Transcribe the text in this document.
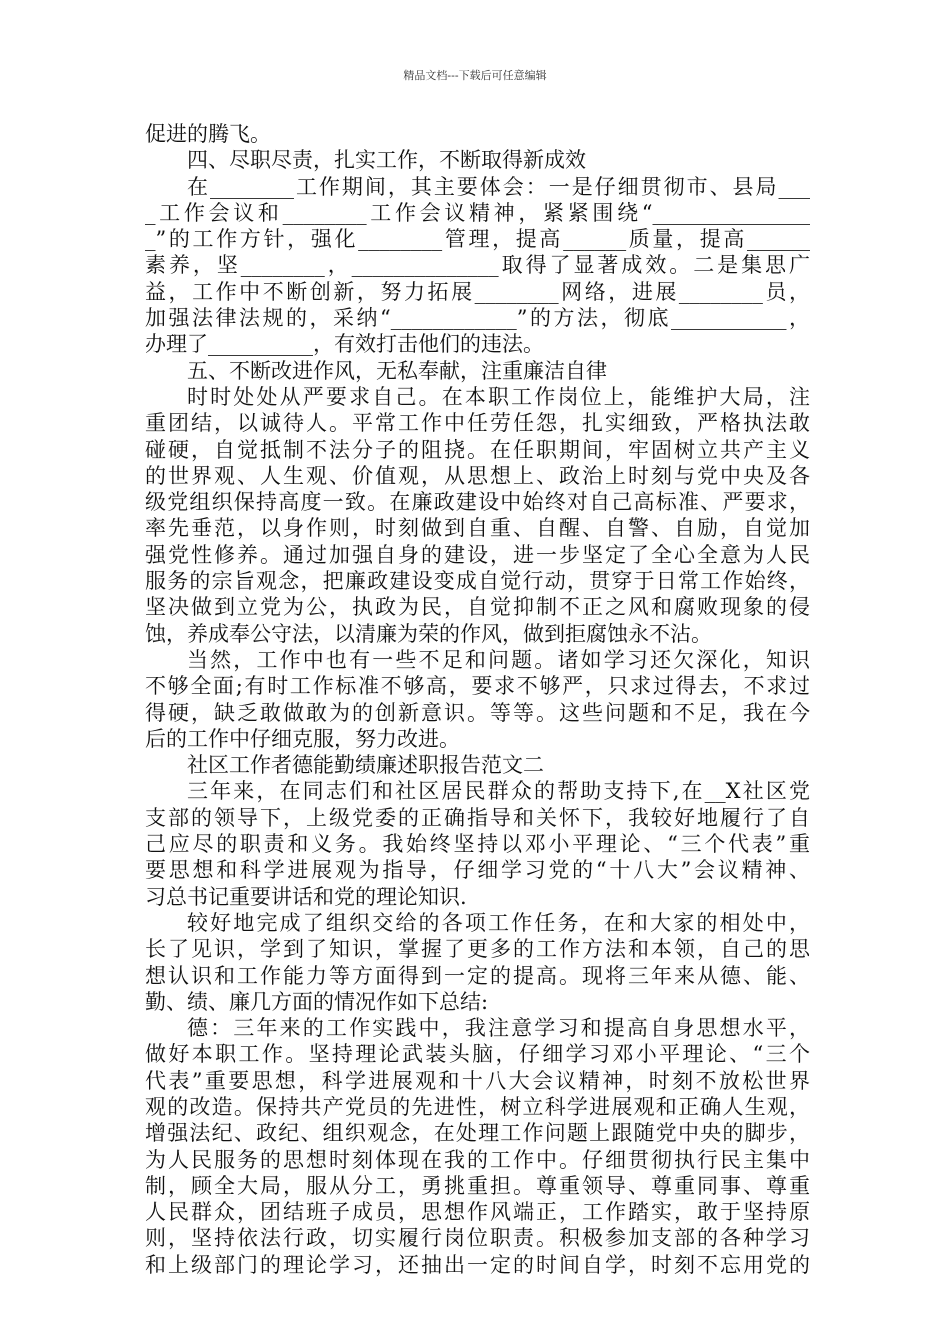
精品文档---下载后可任意编辑
促进的腾飞。
四、尽职尽责，扎实工作，不断取得新成效
在________工作期间，其主要体会：一是仔细贯彻市、县局___
_工作会议和________工作会议精神，紧紧围绕“_______________
_”的工作方针，强化________管理，提高______质量，提高______
素养，坚________，______________取得了显著成效。二是集思广
益，工作中不断创新，努力拓展________网络，进展________员，
加强法律法规的，采纳“____________”的方法，彻底___________，
办理了__________，有效打击他们的违法。
五、不断改进作风，无私奉献，注重廉洁自律
时时处处从严要求自己。在本职工作岗位上，能维护大局，注
重团结，以诚待人。平常工作中任劳任怨，扎实细致，严格执法敢
碰硬，自觉抵制不法分子的阻挠。在任职期间，牢固树立共产主义
的世界观、人生观、价值观，从思想上、政治上时刻与党中央及各
级党组织保持高度一致。在廉政建设中始终对自己高标准、严要求，
率先垂范，以身作则，时刻做到自重、自醒、自警、自励，自觉加
强党性修养。通过加强自身的建设，进一步坚定了全心全意为人民
服务的宗旨观念，把廉政建设变成自觉行动，贯穿于日常工作始终，
坚决做到立党为公，执政为民，自觉抑制不正之风和腐败现象的侵
蚀，养成奉公守法，以清廉为荣的作风，做到拒腐蚀永不沾。
当然，工作中也有一些不足和问题。诸如学习还欠深化，知识
不够全面;有时工作标准不够高，要求不够严，只求过得去，不求过
得硬，缺乏敢做敢为的创新意识。等等。这些问题和不足，我在今
后的工作中仔细克服，努力改进。
社区工作者德能勤绩廉述职报告范文二
三年来，在同志们和社区居民群众的帮助支持下,在__X社区党
支部的领导下，上级党委的正确指导和关怀下，我较好地履行了自
己应尽的职责和义务。我始终坚持以邓小平理论、“三个代表”重
要思想和科学进展观为指导，仔细学习党的“十八大”会议精神、
习总书记重要讲话和党的理论知识.
较好地完成了组织交给的各项工作任务，在和大家的相处中，
长了见识，学到了知识，掌握了更多的工作方法和本领，自己的思
想认识和工作能力等方面得到一定的提高。现将三年来从德、能、
勤、绩、廉几方面的情况作如下总结:
德：三年来的工作实践中，我注意学习和提高自身思想水平，
做好本职工作。坚持理论武装头脑，仔细学习邓小平理论、“三个
代表”重要思想，科学进展观和十八大会议精神，时刻不放松世界
观的改造。保持共产党员的先进性，树立科学进展观和正确人生观，
增强法纪、政纪、组织观念，在处理工作问题上跟随党中央的脚步，
为人民服务的思想时刻体现在我的工作中。仔细贯彻执行民主集中
制，顾全大局，服从分工，勇挑重担。尊重领导、尊重同事、尊重
人民群众，团结班子成员，思想作风端正，工作踏实，敢于坚持原
则，坚持依法行政，切实履行岗位职责。积极参加支部的各种学习
和上级部门的理论学习，还抽出一定的时间自学，时刻不忘用党的
